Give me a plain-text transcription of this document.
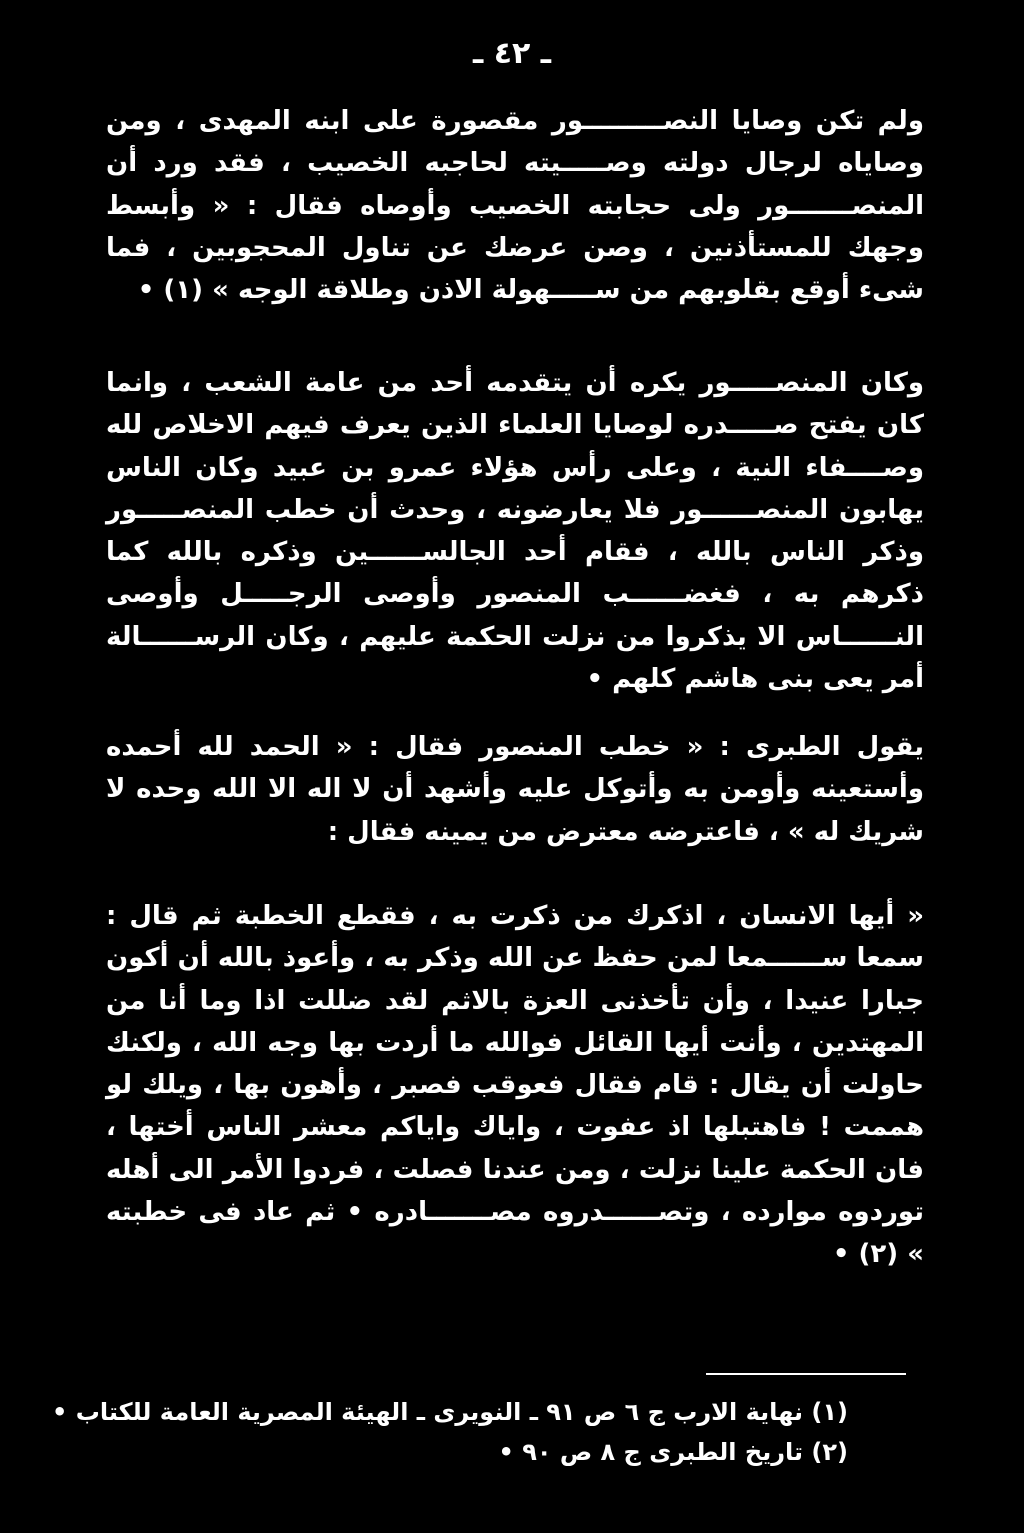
ـ ٤٢ ـ

ولم تكن وصايا النصـــــــــور مقصورة على ابنه المهدى ، ومن وصاياه لرجال دولته وصـــــيته لحاجبه الخصيب ، فقد ورد أن المنصـــــــور ولى حجابته الخصيب وأوصاه فقال : « وأبسط وجهك للمستأذنين ، وصن عرضك عن تناول المحجوبين ، فما شىء أوقع بقلوبهم من ســـــهولة الاذن وطلاقة الوجه » (١) •

وكان المنصـــــور يكره أن يتقدمه أحد من عامة الشعب ، وانما كان يفتح صـــــدره لوصايا العلماء الذين يعرف فيهم الاخلاص لله وصــــفاء النية ، وعلى رأس هؤلاء عمرو بن عبيد وكان الناس يهابون المنصــــــور فلا يعارضونه ، وحدث أن خطب المنصـــــور وذكر الناس بالله ، فقام أحد الجالســــــين وذكره بالله كما ذكرهم به ، فغضــــــب المنصور وأوصى الرجـــــل وأوصى النــــــاس الا يذكروا من نزلت الحكمة عليهم ، وكان الرســــــالة أمر يعى بنى هاشم كلهم •

يقول الطبرى : « خطب المنصور فقال : « الحمد لله أحمده وأستعينه وأومن به وأتوكل عليه وأشهد أن لا اله الا الله وحده لا شريك له » ، فاعترضه معترض من يمينه فقال :

« أيها الانسان ، اذكرك من ذكرت به ، فقطع الخطبة ثم قال : سمعا ســــــمعا لمن حفظ عن الله وذكر به ، وأعوذ بالله أن أكون جبارا عنيدا ، وأن تأخذنى العزة بالاثم لقد ضللت اذا وما أنا من المهتدين ، وأنت أيها القائل فوالله ما أردت بها وجه الله ، ولكنك حاولت أن يقال : قام فقال فعوقب فصبر ، وأهون بها ، ويلك لو هممت ! فاهتبلها اذ عفوت ، واياك واياكم معشر الناس أختها ، فان الحكمة علينا نزلت ، ومن عندنا فصلت ، فردوا الأمر الى أهله توردوه موارده ، وتصــــــدروه مصـــــــادره • ثم عاد فى خطبته » (٢) •

(١) نهاية الارب ج ٦ ص ٩١ ـ النويرى ـ الهيئة المصرية العامة للكتاب •
(٢) تاريخ الطبرى ج ٨ ص ٩٠ •
